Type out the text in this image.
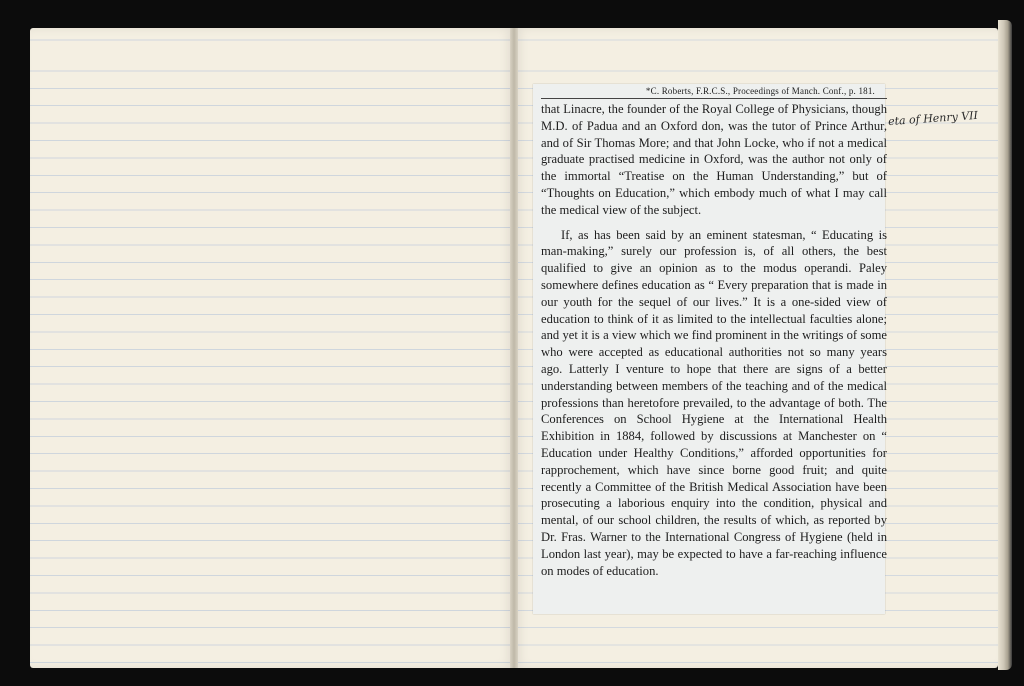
*C. Roberts, F.R.C.S., Proceedings of Manch. Conf., p. 181.

that Linacre, the founder of the Royal College of Physicians, though M.D. of Padua and an Oxford don, was the tutor of Prince Arthur, and of Sir Thomas More; and that John Locke, who if not a medical graduate practised medicine in Oxford, was the author not only of the immortal “Treatise on the Human Understanding,” but of “Thoughts on Education,” which embody much of what I may call the medical view of the subject.

If, as has been said by an eminent statesman, “ Educating is man-making,” surely our profession is, of all others, the best qualified to give an opinion as to the modus operandi. Paley somewhere defines education as “ Every preparation that is made in our youth for the sequel of our lives.” It is a one-sided view of education to think of it as limited to the intellectual faculties alone; and yet it is a view which we find prominent in the writings of some who were accepted as educational authorities not so many years ago. Latterly I venture to hope that there are signs of a better understanding between members of the teaching and of the medical professions than heretofore prevailed, to the advantage of both. The Conferences on School Hygiene at the International Health Exhibition in 1884, followed by discussions at Manchester on “ Education under Healthy Conditions,” afforded opportunities for rapprochement, which have since borne good fruit; and quite recently a Committee of the British Medical Association have been prosecuting a laborious enquiry into the condition, physical and mental, of our school children, the results of which, as reported by Dr. Fras. Warner to the International Congress of Hygiene (held in London last year), may be expected to have a far-reaching influence on modes of education.

eta of Henry VII
